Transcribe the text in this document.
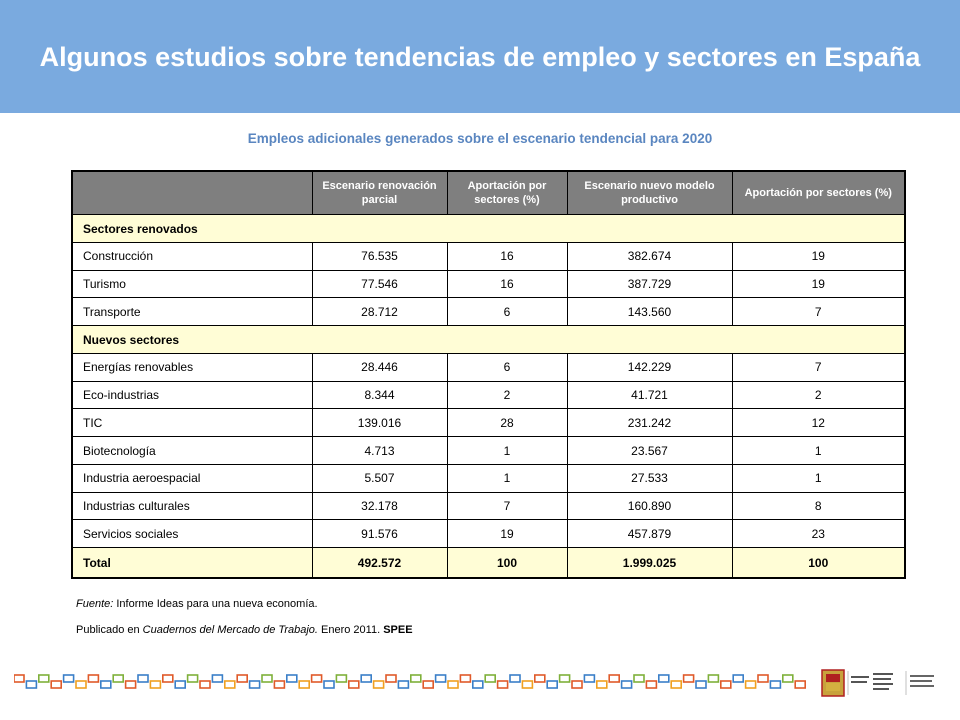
Algunos estudios sobre tendencias de empleo y sectores en España

Empleos adicionales generados sobre el escenario tendencial para 2020

	Escenario renovación parcial	Aportación por sectores (%)	Escenario nuevo modelo productivo	Aportación por sectores (%)
Sectores renovados				
Construcción	76.535	16	382.674	19
Turismo	77.546	16	387.729	19
Transporte	28.712	6	143.560	7
Nuevos sectores				
Energías renovables	28.446	6	142.229	7
Eco-industrias	8.344	2	41.721	2
TIC	139.016	28	231.242	12
Biotecnología	4.713	1	23.567	1
Industria aeroespacial	5.507	1	27.533	1
Industrias culturales	32.178	7	160.890	8
Servicios sociales	91.576	19	457.879	23
Total	492.572	100	1.999.025	100

Fuente: Informe Ideas para una nueva economía.

Publicado en Cuadernos del Mercado de Trabajo. Enero 2011. SPEE
